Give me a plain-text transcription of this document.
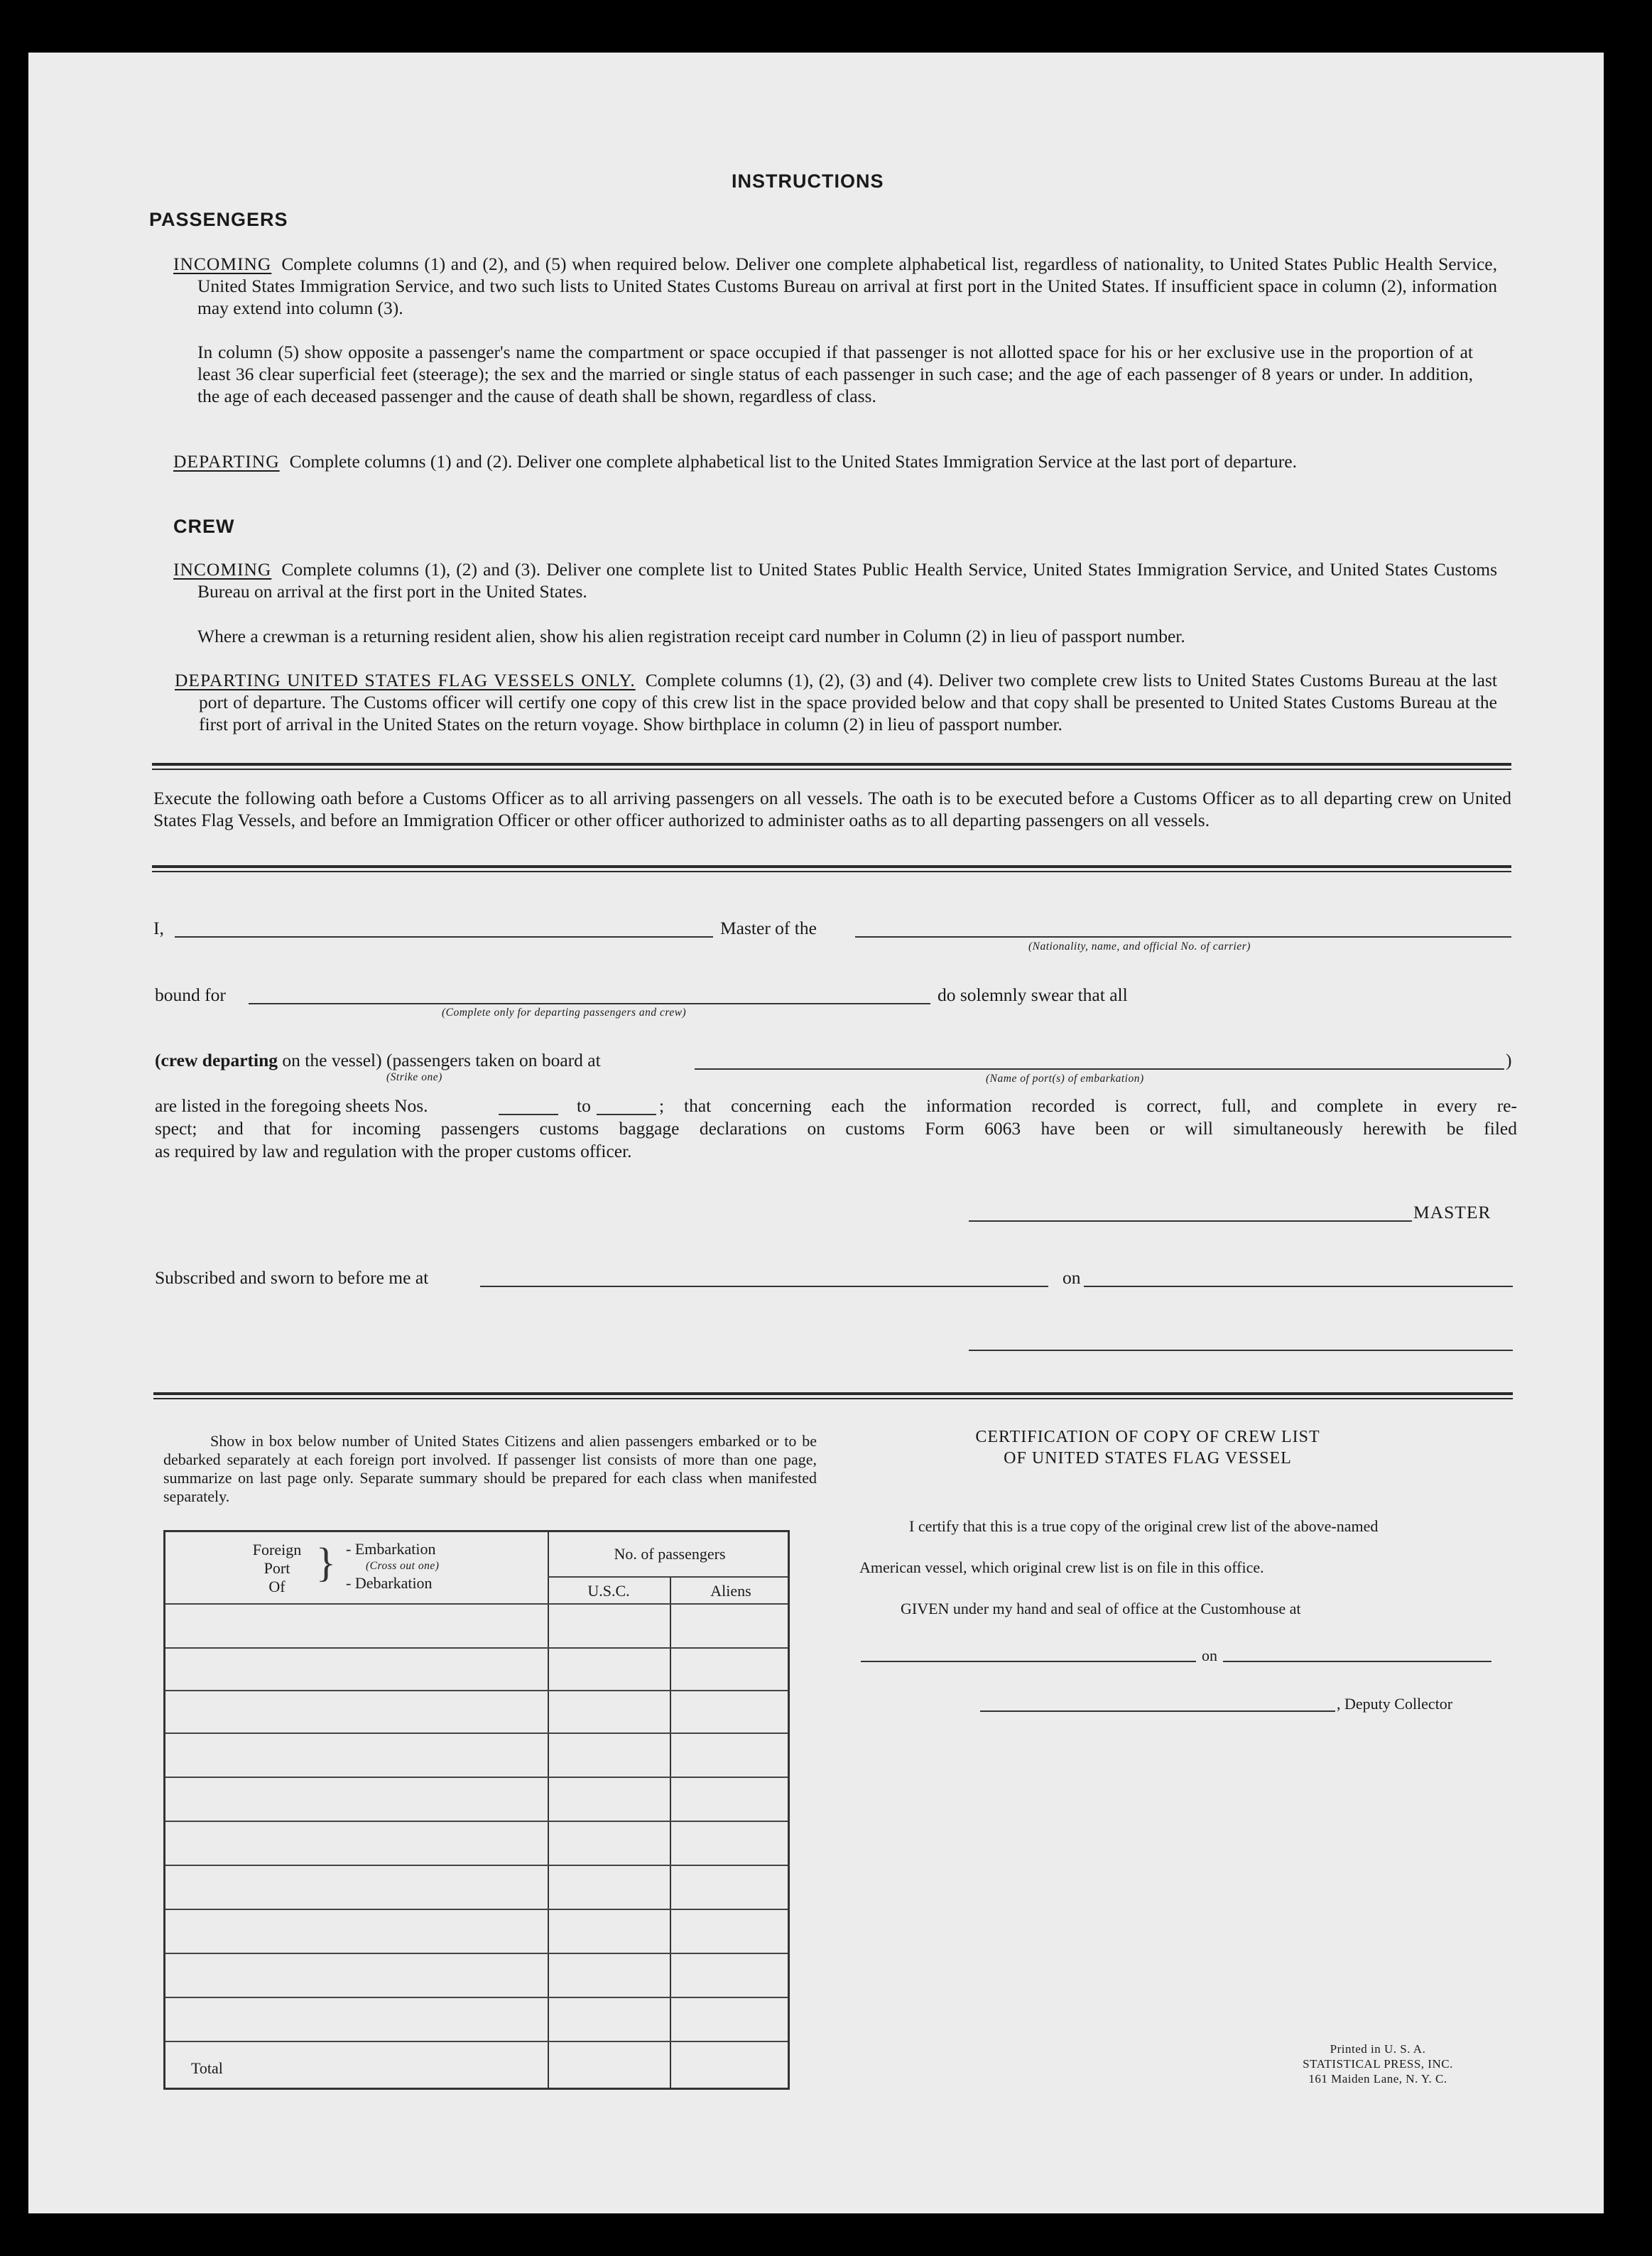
INSTRUCTIONS
PASSENGERS
INCOMING Complete columns (1) and (2), and (5) when required below. Deliver one complete alphabetical list, regardless of nationality, to United States Public Health Service, United States Immigration Service, and two such lists to United States Customs Bureau on arrival at first port in the United States. If insufficient space in column (2), information may extend into column (3).
In column (5) show opposite a passenger's name the compartment or space occupied if that passenger is not allotted space for his or her exclusive use in the proportion of at least 36 clear superficial feet (steerage); the sex and the married or single status of each passenger in such case; and the age of each passenger of 8 years or under. In addition, the age of each deceased passenger and the cause of death shall be shown, regardless of class.
DEPARTING Complete columns (1) and (2). Deliver one complete alphabetical list to the United States Immigration Service at the last port of departure.
CREW
INCOMING Complete columns (1), (2) and (3). Deliver one complete list to United States Public Health Service, United States Immigration Service, and United States Customs Bureau on arrival at the first port in the United States.
Where a crewman is a returning resident alien, show his alien registration receipt card number in Column (2) in lieu of passport number.
DEPARTING UNITED STATES FLAG VESSELS ONLY. Complete columns (1), (2), (3) and (4). Deliver two complete crew lists to United States Customs Bureau at the last port of departure. The Customs officer will certify one copy of this crew list in the space provided below and that copy shall be presented to United States Customs Bureau at the first port of arrival in the United States on the return voyage. Show birthplace in column (2) in lieu of passport number.
Execute the following oath before a Customs Officer as to all arriving passengers on all vessels. The oath is to be executed before a Customs Officer as to all departing crew on United States Flag Vessels, and before an Immigration Officer or other officer authorized to administer oaths as to all departing passengers on all vessels.
I,	Master of the
(Nationality, name, and official No. of carrier)
bound for	do solemnly swear that all
(Complete only for departing passengers and crew)
(crew departing on the vessel) (passengers taken on board at
(Strike one)
)
(Name of port(s) of embarkation)
are listed in the foregoing sheets Nos.	to	; that concerning each the information recorded is correct, full, and complete in every re-
spect; and that for incoming passengers customs baggage declarations on customs Form 6063 have been or will simultaneously herewith be filed
as required by law and regulation with the proper customs officer.
MASTER
Subscribed and sworn to before me at	on
Show in box below number of United States Citizens and alien passengers embarked or to be debarked separately at each foreign port involved. If passenger list consists of more than one page, summarize on last page only. Separate summary should be prepared for each class when manifested separately.
Foreign
Port
Of
} - Embarkation
(Cross out one)
- Debarkation
No. of passengers
U.S.C.	Aliens
Total
CERTIFICATION OF COPY OF CREW LIST
OF UNITED STATES FLAG VESSEL
I certify that this is a true copy of the original crew list of the above-named
American vessel, which original crew list is on file in this office.
GIVEN under my hand and seal of office at the Customhouse at
on
, Deputy Collector
Printed in U. S. A.
STATISTICAL PRESS, INC.
161 Maiden Lane, N. Y. C.
